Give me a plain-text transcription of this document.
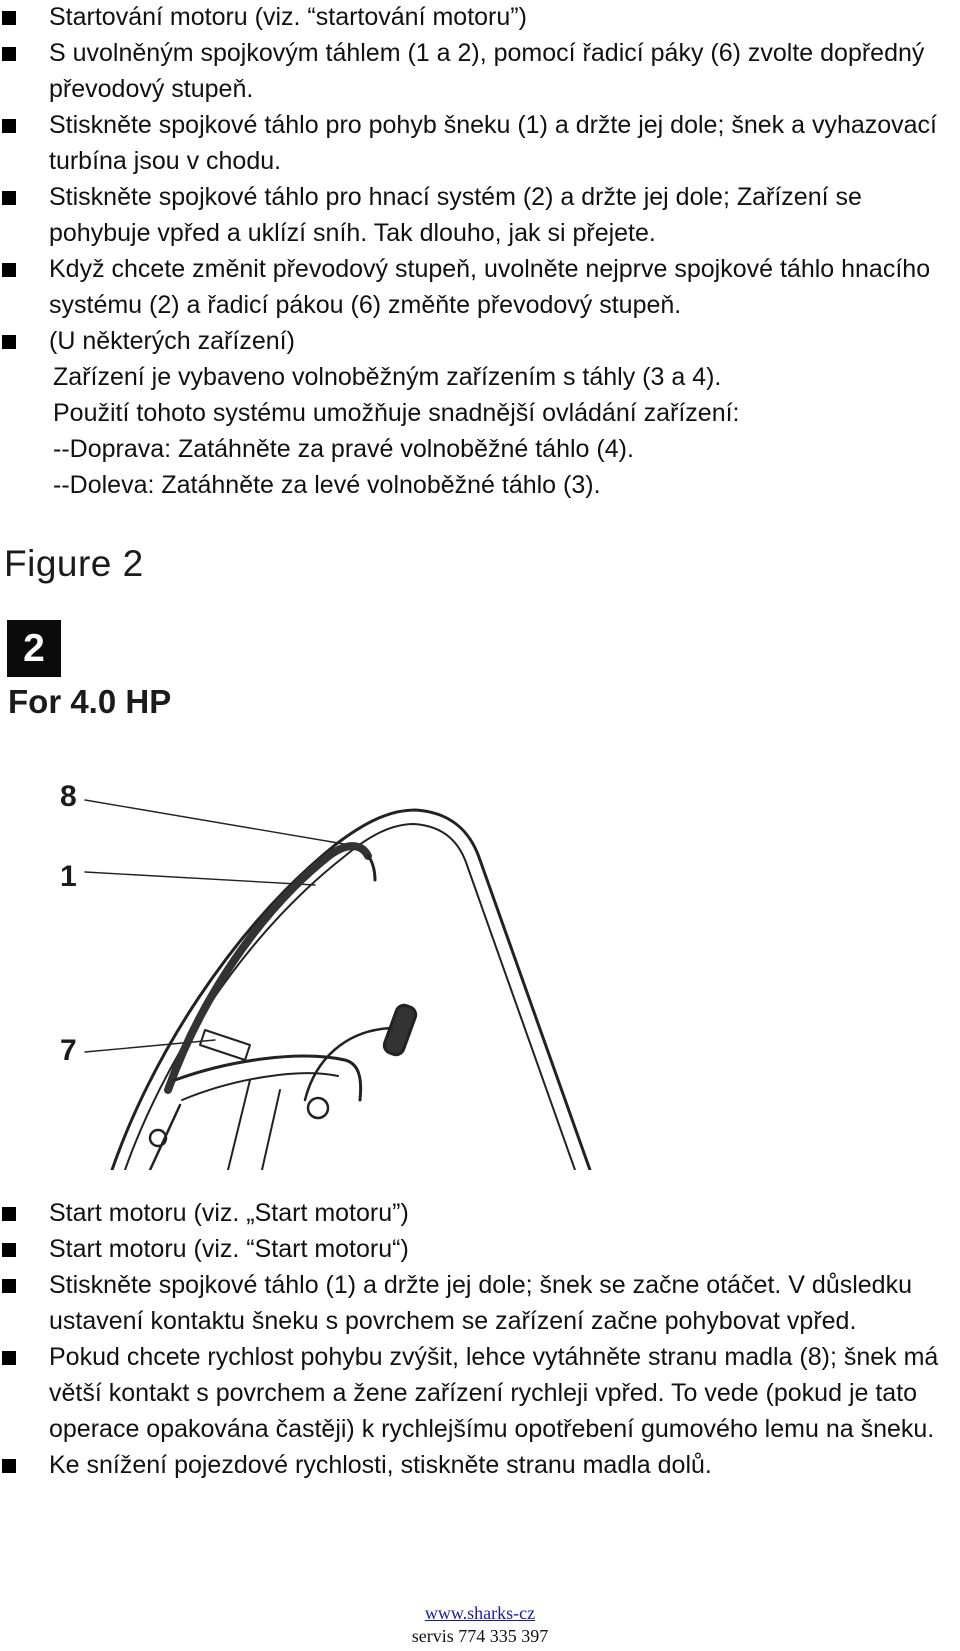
Startování motoru (viz. “startování motoru”)
S uvolněným spojkovým táhlem (1 a 2), pomocí řadicí páky (6) zvolte dopředný převodový stupeň.
Stiskněte spojkové táhlo pro pohyb šneku (1) a držte jej dole; šnek a vyhazovací turbína jsou v chodu.
Stiskněte spojkové táhlo pro hnací systém (2) a držte jej dole; Zařízení se pohybuje vpřed a uklízí sníh. Tak dlouho, jak si přejete.
Když chcete změnit převodový stupeň, uvolněte nejprve spojkové táhlo hnacího systému (2) a řadicí pákou (6) změňte převodový stupeň.
(U některých zařízení)
Zařízení je vybaveno volnoběžným zařízením s táhly (3 a 4).
Použití tohoto systému umožňuje snadnější ovládání zařízení:
--Doprava: Zatáhněte za pravé volnoběžné táhlo (4).
--Doleva: Zatáhněte za levé volnoběžné táhlo (3).
Figure 2
2
For 4.0 HP
8
1
7
Start motoru (viz. „Start motoru”)
Start motoru (viz. “Start motoru“)
Stiskněte spojkové táhlo (1) a držte jej dole; šnek se začne otáčet. V důsledku ustavení kontaktu šneku s povrchem se zařízení začne pohybovat vpřed.
Pokud chcete rychlost pohybu zvýšit, lehce vytáhněte stranu madla (8); šnek má větší kontakt s povrchem a žene zařízení rychleji vpřed. To vede (pokud je tato operace opakována častěji) k rychlejšímu opotřebení gumového lemu na šneku.
Ke snížení pojezdové rychlosti, stiskněte stranu madla dolů.
www.sharks-cz
servis 774 335 397
